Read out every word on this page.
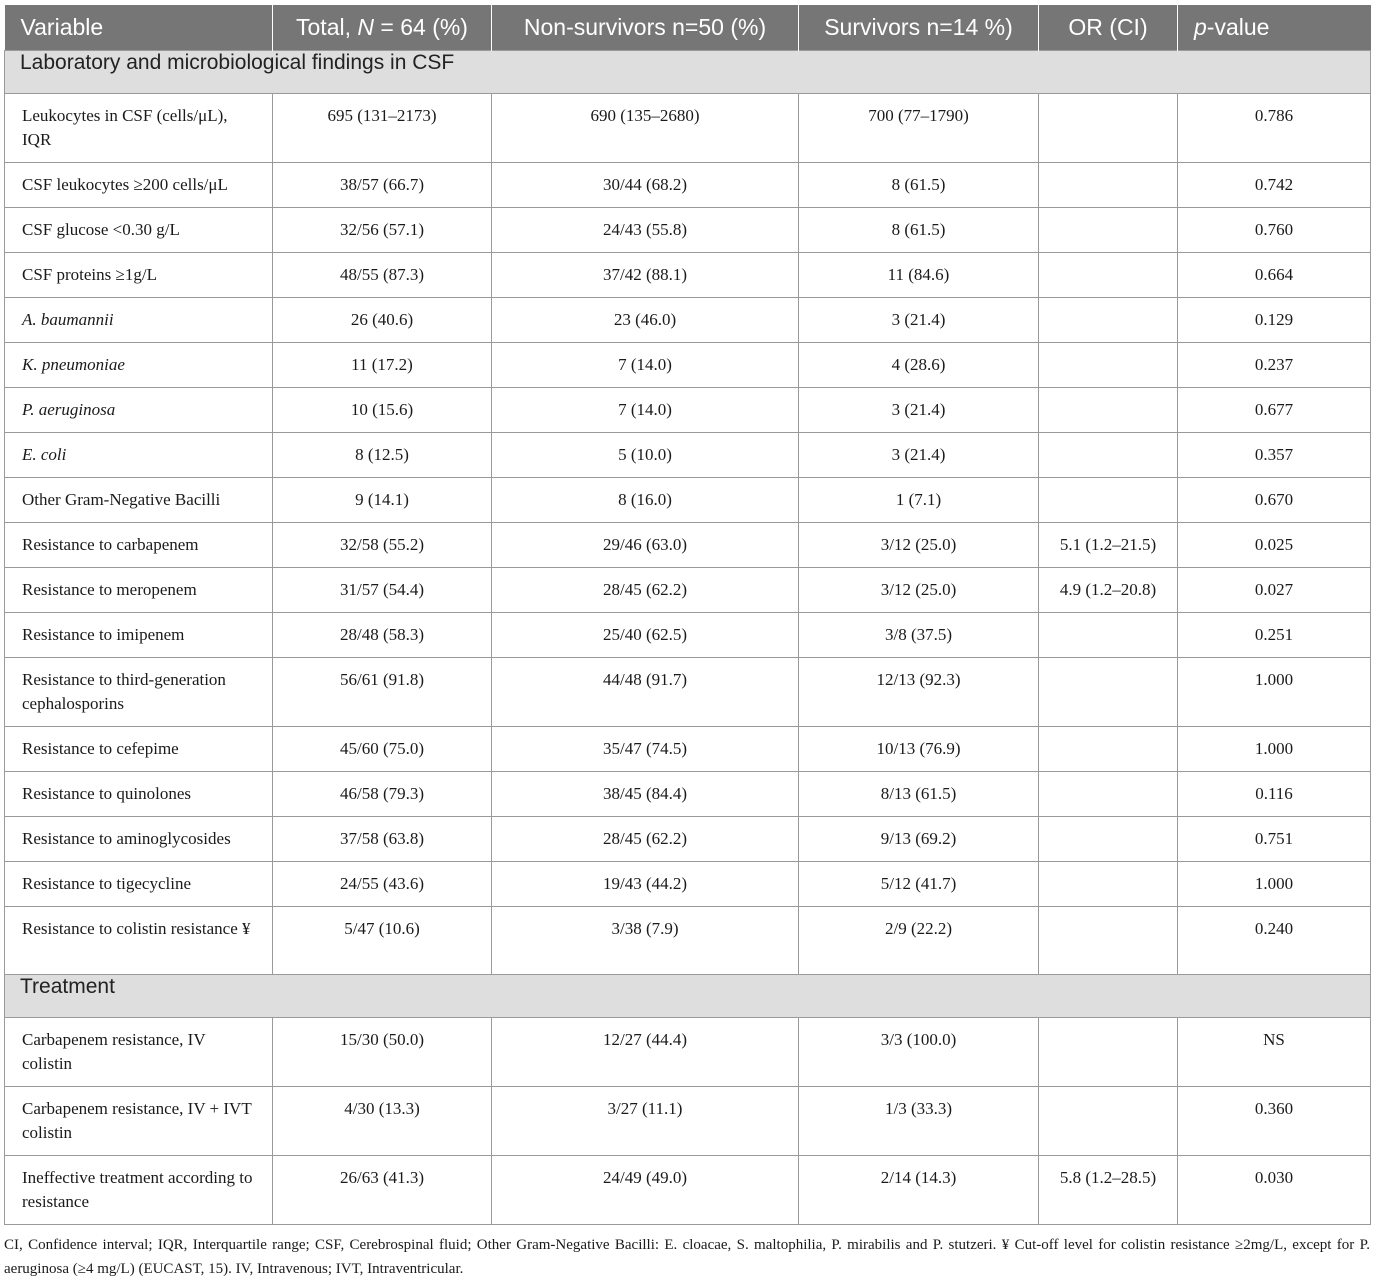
Variable	Total, N = 64 (%)	Non-survivors n=50 (%)	Survivors n=14 %)	OR (CI)	p-value
Laboratory and microbiological findings in CSF					
Leukocytes in CSF (cells/μL), IQR	695 (131–2173)	690 (135–2680)	700 (77–1790)		0.786
CSF leukocytes ≥200 cells/μL	38/57 (66.7)	30/44 (68.2)	8 (61.5)		0.742
CSF glucose <0.30 g/L	32/56 (57.1)	24/43 (55.8)	8 (61.5)		0.760
CSF proteins ≥1g/L	48/55 (87.3)	37/42 (88.1)	11 (84.6)		0.664
A. baumannii	26 (40.6)	23 (46.0)	3 (21.4)		0.129
K. pneumoniae	11 (17.2)	7 (14.0)	4 (28.6)		0.237
P. aeruginosa	10 (15.6)	7 (14.0)	3 (21.4)		0.677
E. coli	8 (12.5)	5 (10.0)	3 (21.4)		0.357
Other Gram-Negative Bacilli	9 (14.1)	8 (16.0)	1 (7.1)		0.670
Resistance to carbapenem	32/58 (55.2)	29/46 (63.0)	3/12 (25.0)	5.1 (1.2–21.5)	0.025
Resistance to meropenem	31/57 (54.4)	28/45 (62.2)	3/12 (25.0)	4.9 (1.2–20.8)	0.027
Resistance to imipenem	28/48 (58.3)	25/40 (62.5)	3/8 (37.5)		0.251
Resistance to third-generation cephalosporins	56/61 (91.8)	44/48 (91.7)	12/13 (92.3)		1.000
Resistance to cefepime	45/60 (75.0)	35/47 (74.5)	10/13 (76.9)		1.000
Resistance to quinolones	46/58 (79.3)	38/45 (84.4)	8/13 (61.5)		0.116
Resistance to aminoglycosides	37/58 (63.8)	28/45 (62.2)	9/13 (69.2)		0.751
Resistance to tigecycline	24/55 (43.6)	19/43 (44.2)	5/12 (41.7)		1.000
Resistance to colistin resistance ¥	5/47 (10.6)	3/38 (7.9)	2/9 (22.2)		0.240
Treatment					
Carbapenem resistance, IV colistin	15/30 (50.0)	12/27 (44.4)	3/3 (100.0)		NS
Carbapenem resistance, IV + IVT colistin	4/30 (13.3)	3/27 (11.1)	1/3 (33.3)		0.360
Ineffective treatment according to resistance	26/63 (41.3)	24/49 (49.0)	2/14 (14.3)	5.8 (1.2–28.5)	0.030
CI, Confidence interval; IQR, Interquartile range; CSF, Cerebrospinal fluid; Other Gram-Negative Bacilli: E. cloacae, S. maltophilia, P. mirabilis and P. stutzeri. ¥ Cut-off level for colistin resistance ≥2mg/L, except for P. aeruginosa (≥4 mg/L) (EUCAST, 15). IV, Intravenous; IVT, Intraventricular.
